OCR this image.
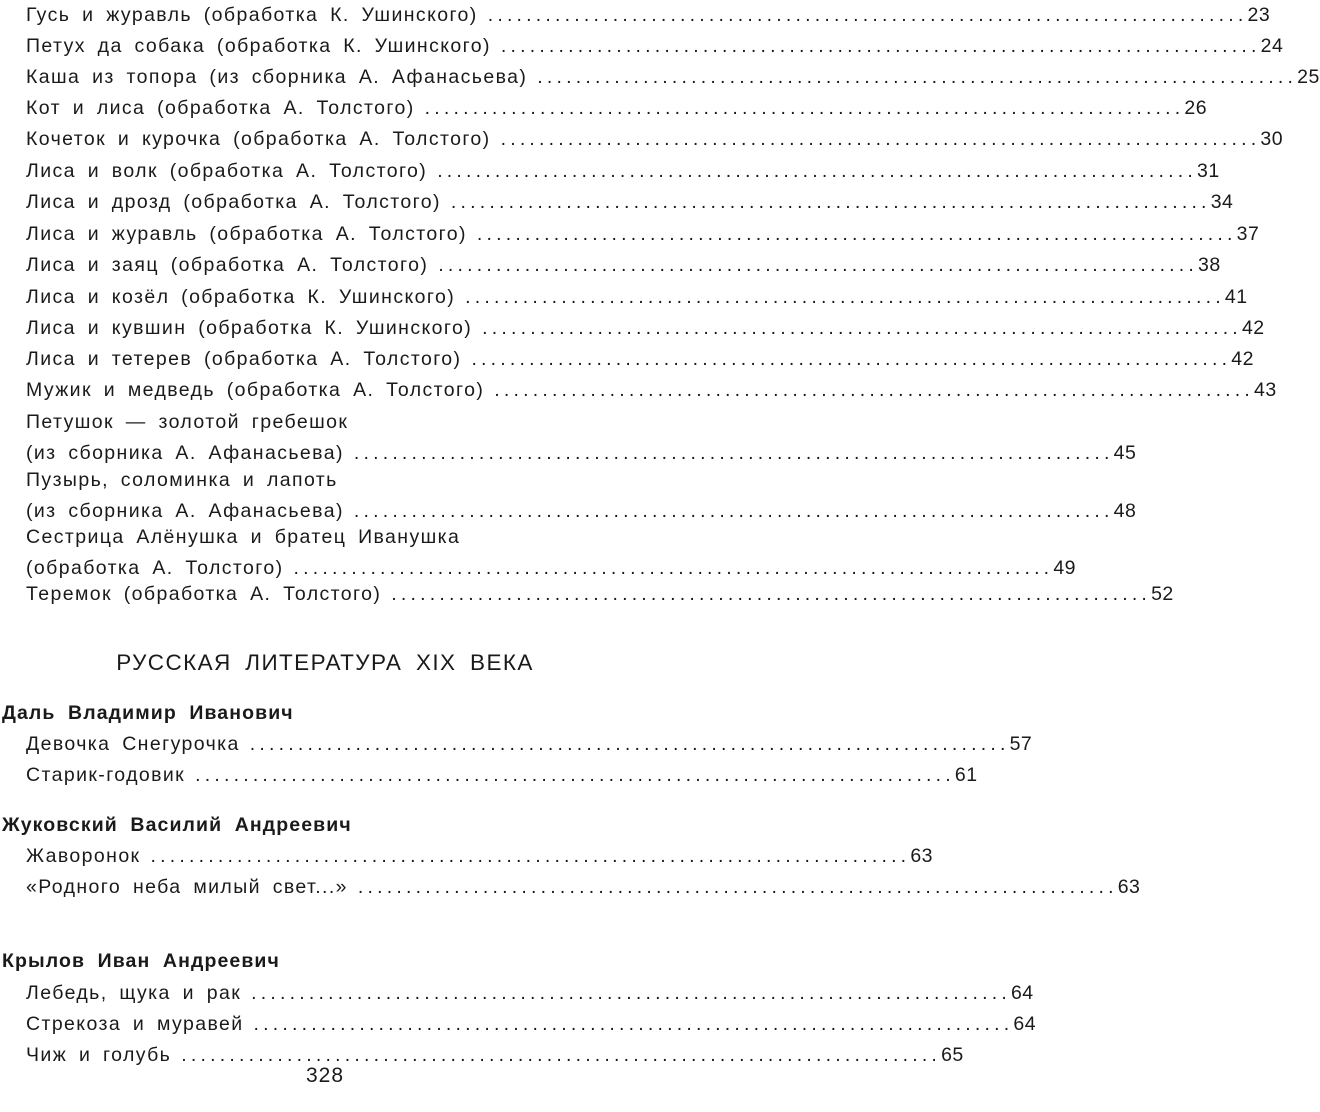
Гусь и журавль (обработка К. Ушинского) ............................................................................... 23
Петух да собака (обработка К. Ушинского) ............................................................................... 24
Каша из топора (из сборника А. Афанасьева) ............................................................................... 25
Кот и лиса (обработка А. Толстого) ............................................................................... 26
Кочеток и курочка (обработка А. Толстого) ............................................................................... 30
Лиса и волк (обработка А. Толстого) ............................................................................... 31
Лиса и дрозд (обработка А. Толстого) ............................................................................... 34
Лиса и журавль (обработка А. Толстого) ............................................................................... 37
Лиса и заяц (обработка А. Толстого) ............................................................................... 38
Лиса и козёл (обработка К. Ушинского) ............................................................................... 41
Лиса и кувшин (обработка К. Ушинского) ............................................................................... 42
Лиса и тетерев (обработка А. Толстого) ............................................................................... 42
Мужик и медведь (обработка А. Толстого) ............................................................................... 43
Петушок — золотой гребешок
(из сборника А. Афанасьева) ............................................................................... 45
Пузырь, соломинка и лапоть
(из сборника А. Афанасьева) ............................................................................... 48
Сестрица Алёнушка и братец Иванушка
(обработка А. Толстого) ............................................................................... 49
Теремок (обработка А. Толстого) ............................................................................... 52
РУССКАЯ ЛИТЕРАТУРА XIX ВЕКА
Даль Владимир Иванович
Девочка Снегурочка ............................................................................... 57
Старик-годовик ............................................................................... 61
Жуковский Василий Андреевич
Жаворонок ............................................................................... 63
«Родного неба милый свет...» ............................................................................... 63
Крылов Иван Андреевич
Лебедь, щука и рак ............................................................................... 64
Стрекоза и муравей ............................................................................... 64
Чиж и голубь ............................................................................... 65
328
